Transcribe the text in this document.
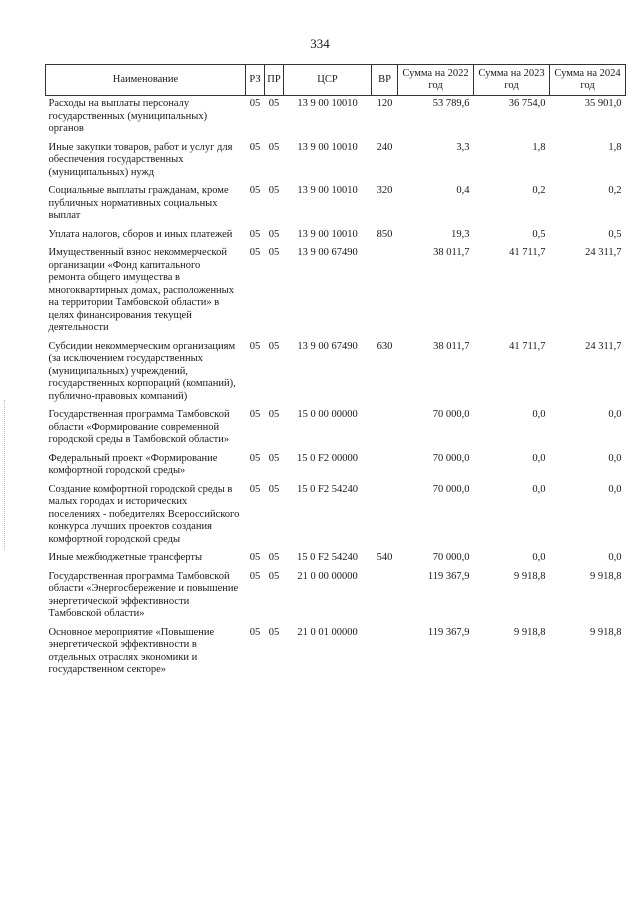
334
Наименование	РЗ	ПР	ЦСР	ВР	Сумма на 2022 год	Сумма на 2023 год	Сумма на 2024 год
Расходы на выплаты персоналу государственных (муниципальных) органов	05	05	13 9 00 10010	120	53 789,6	36 754,0	35 901,0
Иные закупки товаров, работ и услуг для обеспечения государственных (муниципальных) нужд	05	05	13 9 00 10010	240	3,3	1,8	1,8
Социальные выплаты гражданам, кроме публичных нормативных социальных выплат	05	05	13 9 00 10010	320	0,4	0,2	0,2
Уплата налогов, сборов и иных платежей	05	05	13 9 00 10010	850	19,3	0,5	0,5
Имущественный взнос некоммерческой организации «Фонд капитального ремонта общего имущества в многоквартирных домах, расположенных на территории Тамбовской области» в целях финансирования текущей деятельности	05	05	13 9 00 67490		38 011,7	41 711,7	24 311,7
Субсидии некоммерческим организациям (за исключением государственных (муниципальных) учреждений, государственных корпораций (компаний), публично-правовых компаний)	05	05	13 9 00 67490	630	38 011,7	41 711,7	24 311,7
Государственная программа Тамбовской области «Формирование современной городской среды в Тамбовской области»	05	05	15 0 00 00000		70 000,0	0,0	0,0
Федеральный проект «Формирование комфортной городской среды»	05	05	15 0 F2 00000		70 000,0	0,0	0,0
Создание комфортной городской среды в малых городах и исторических поселениях - победителях Всероссийского конкурса лучших проектов создания комфортной городской среды	05	05	15 0 F2 54240		70 000,0	0,0	0,0
Иные межбюджетные трансферты	05	05	15 0 F2 54240	540	70 000,0	0,0	0,0
Государственная программа Тамбовской области «Энергосбережение и повышение энергетической эффективности Тамбовской области»	05	05	21 0 00 00000		119 367,9	9 918,8	9 918,8
Основное мероприятие «Повышение энергетической эффективности в отдельных отраслях экономики и государственном секторе»	05	05	21 0 01 00000		119 367,9	9 918,8	9 918,8
